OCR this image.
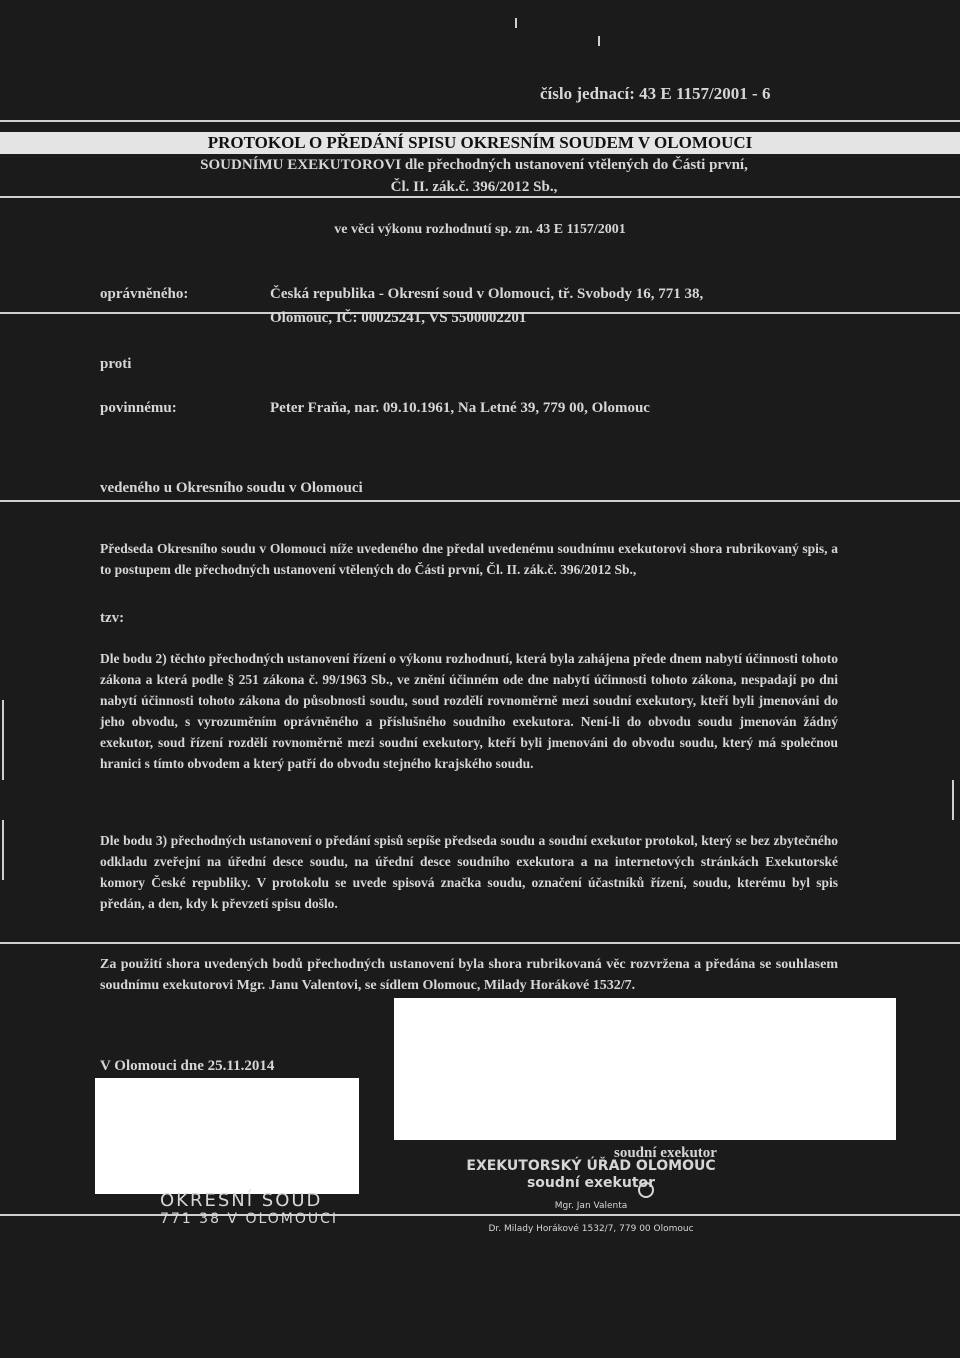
číslo jednací: 43 E 1157/2001 - 6
PROTOKOL O PŘEDÁNÍ SPISU OKRESNÍM SOUDEM V OLOMOUCI
SOUDNÍMU EXEKUTOROVI dle přechodných ustanovení vtělených do Části první,
Čl. II. zák.č. 396/2012 Sb.,
ve věci výkonu rozhodnutí sp. zn. 43 E 1157/2001
oprávněného:	Česká republika - Okresní soud v Olomouci, tř. Svobody 16, 771 38,
Olomouc, IČ: 00025241, VS 5500002201
proti
povinnému:	Peter Fraňa, nar. 09.10.1961, Na Letné 39, 779 00, Olomouc
vedeného u Okresního soudu v Olomouci
Předseda Okresního soudu v Olomouci níže uvedeného dne předal uvedenému soudnímu exekutorovi shora rubrikovaný spis, a to postupem dle přechodných ustanovení vtělených do Části první, Čl. II. zák.č. 396/2012 Sb.,
tzv:
Dle bodu 2) těchto přechodných ustanovení řízení o výkonu rozhodnutí, která byla zahájena přede dnem nabytí účinnosti tohoto zákona a která podle § 251 zákona č. 99/1963 Sb., ve znění účinném ode dne nabytí účinnosti tohoto zákona, nespadají po dni nabytí účinnosti tohoto zákona do působnosti soudu, soud rozdělí rovnoměrně mezi soudní exekutory, kteří byli jmenováni do jeho obvodu, s vyrozuměním oprávněného a příslušného soudního exekutora. Není-li do obvodu soudu jmenován žádný exekutor, soud řízení rozdělí rovnoměrně mezi soudní exekutory, kteří byli jmenováni do obvodu soudu, který má společnou hranici s tímto obvodem a který patří do obvodu stejného krajského soudu.
Dle bodu 3) přechodných ustanovení o předání spisů sepíše předseda soudu a soudní exekutor protokol, který se bez zbytečného odkladu zveřejní na úřední desce soudu, na úřední desce soudního exekutora a na internetových stránkách Exekutorské komory České republiky. V protokolu se uvede spisová značka soudu, označení účastníků řízení, soudu, kterému byl spis předán, a den, kdy k převzetí spisu došlo.
Za použití shora uvedených bodů přechodných ustanovení byla shora rubrikovaná věc rozvržena a předána se souhlasem soudnímu exekutorovi Mgr. Janu Valentovi, se sídlem Olomouc, Milady Horákové 1532/7.
V Olomouci dne 25.11.2014
soudní exekutor
EXEKUTORSKÝ ÚŘAD OLOMOUC
soudní exekutor
Mgr. Jan Valenta
Dr. Milady Horákové 1532/7, 779 00 Olomouc
OKRESNÍ SOUD
771 38 V OLOMOUCI
